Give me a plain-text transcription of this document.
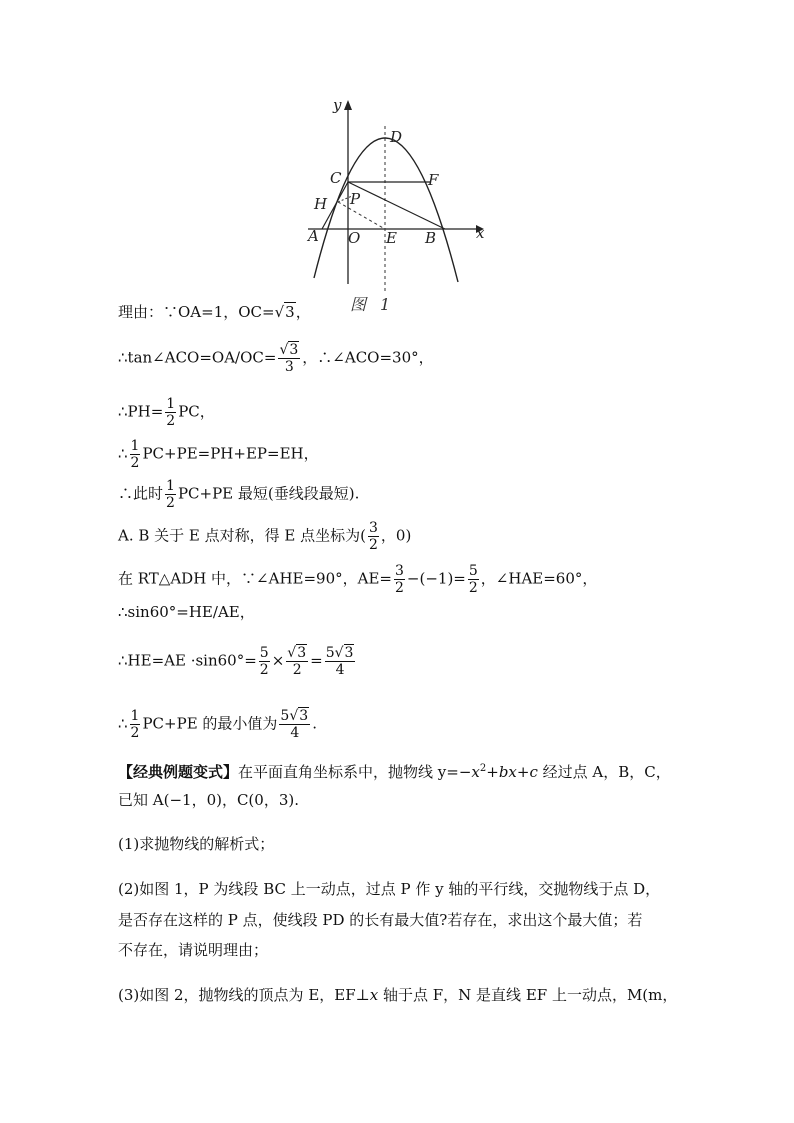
y
x
D
C	F
H P
A O E B
图 1
理由：∵OA=1，OC=√3，
∴tan∠ACO=OA/OC= $\frac{√3}{3}$ ，∴∠ACO=30°，
∴PH= $\frac{1}{2}$ PC，
∴ $\frac{1}{2} PC+PE=PH+EP=EH$，
∴此时 $\frac{1}{2} PC+PE$ 最短(垂线段最短).
A. B 关于 E 点对称，得 E 点坐标为( $\frac{3}{2}$ ，0)
在 RT△ADH 中，∵∠AHE=90°，$AE= \frac{3}{2} -(-1)= \frac{5}{2}$ ，∠HAE=60°，
∴sin60°=HE/AE，
∴HE=AE $\cdot\sin 60^\circ= \frac{5}{2} \times \frac{√3}{2} = \frac{5√3}{4}$
∴ $\frac{1}{2} PC+PE$ 的最小值为 $\frac{5√3}{4}$ .
【经典例题变式】在平面直角坐标系中，抛物线 $y=-x^2+bx+c$ 经过点 A，B，C，
已知 A(−1，0)，C(0，3).
(1)求抛物线的解析式；
(2)如图 1，P 为线段 BC 上一动点，过点 P 作 y 轴的平行线，交抛物线于点 D，
是否存在这样的 P 点，使线段 PD 的长有最大值?若存在，求出这个最大值；若
不存在，请说明理由；
(3)如图 2，抛物线的顶点为 E，EF⊥x 轴于点 F，N 是直线 EF 上一动点，M(m，
